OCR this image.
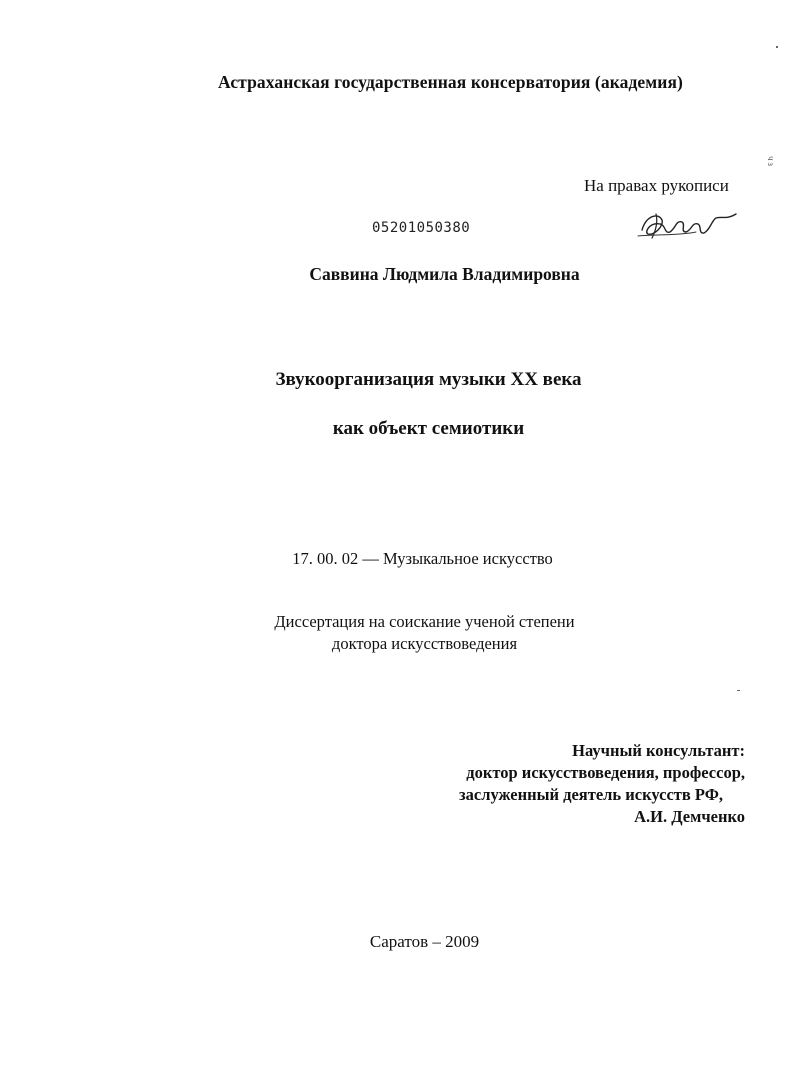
Астраханская государственная консерватория (академия)
На правах рукописи
05201050380
Саввина Людмила Владимировна
Звукоорганизация музыки XX века
как объект семиотики
17. 00. 02 — Музыкальное искусство
Диссертация на соискание ученой степени
доктора искусствоведения
Научный консультант:
доктор искусствоведения, профессор,
заслуженный деятель искусств РФ,
А.И. Демченко
Саратов – 2009
ч з
